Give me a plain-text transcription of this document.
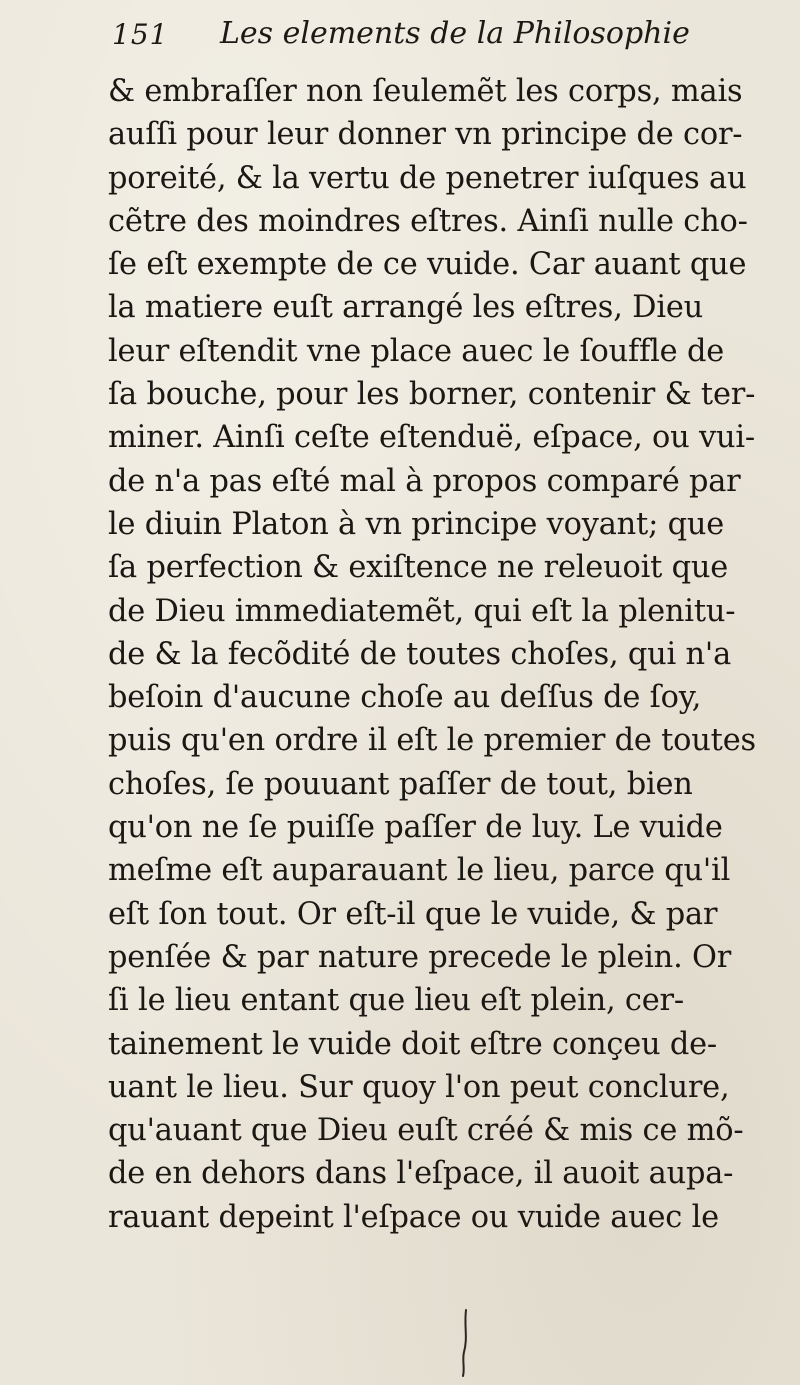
151 Les elements de la Philosophie
& embraſſer non ſeulemẽt les corps, mais
auſſi pour leur donner vn principe de cor-
poreité, & la vertu de penetrer iuſques au
cẽtre des moindres eſtres. Ainſi nulle cho-
ſe eſt exempte de ce vuide. Car auant que
la matiere euſt arrangé les eſtres, Dieu
leur eſtendit vne place auec le ſouffle de
ſa bouche, pour les borner, contenir & ter-
miner. Ainſi ceſte eſtenduë, eſpace, ou vui-
de n'a pas eſté mal à propos comparé par
le diuin Platon à vn principe voyant; que
ſa perfection & exiſtence ne releuoit que
de Dieu immediatemẽt, qui eſt la plenitu-
de & la fecõdité de toutes choſes, qui n'a
beſoin d'aucune choſe au deſſus de ſoy,
puis qu'en ordre il eſt le premier de toutes
choſes, ſe pouuant paſſer de tout, bien
qu'on ne ſe puiſſe paſſer de luy. Le vuide
meſme eſt auparauant le lieu, parce qu'il
eſt ſon tout. Or eſt-il que le vuide, & par
penſée & par nature precede le plein. Or
ſi le lieu entant que lieu eſt plein, cer-
tainement le vuide doit eſtre conçeu de-
uant le lieu. Sur quoy l'on peut conclure,
qu'auant que Dieu euſt créé & mis ce mõ-
de en dehors dans l'eſpace, il auoit aupa-
rauant depeint l'eſpace ou vuide auec le
